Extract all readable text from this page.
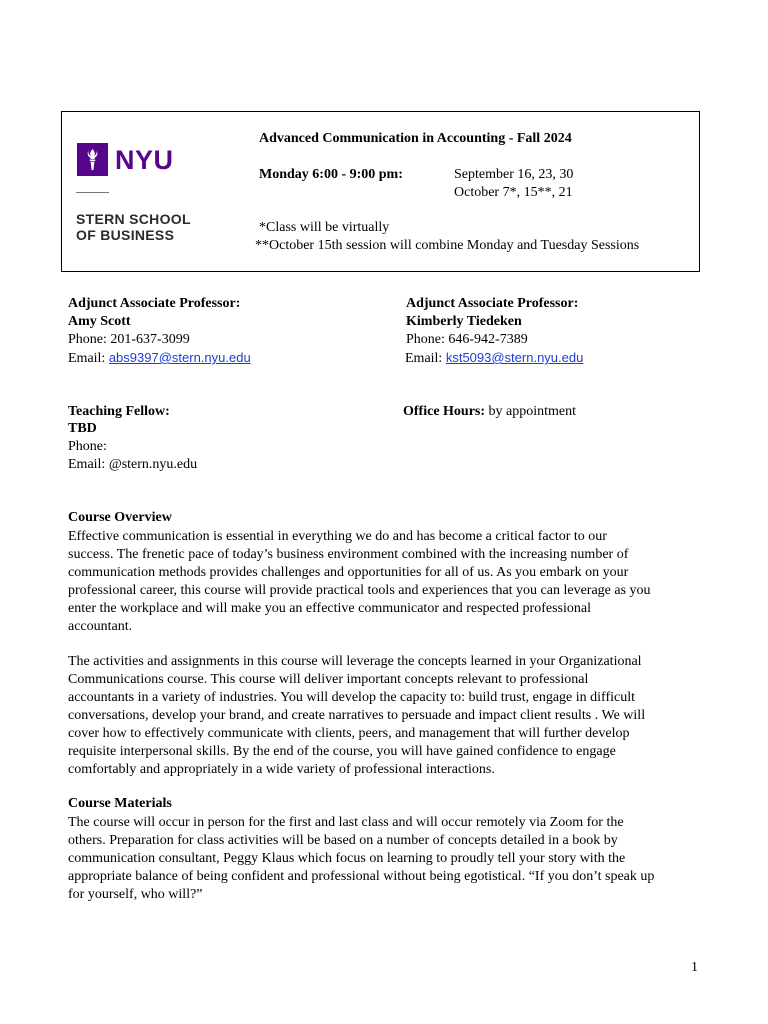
NYU
STERN SCHOOL
OF BUSINESS
Advanced Communication in Accounting - Fall 2024
Monday 6:00 - 9:00 pm:	September 16, 23, 30
October 7*, 15**, 21
*Class will be virtually
**October 15th session will combine Monday and Tuesday Sessions
Adjunct Associate Professor:
Amy Scott
Phone: 201-637-3099
Email: abs9397@stern.nyu.edu
Adjunct Associate Professor:
Kimberly Tiedeken
Phone: 646-942-7389
Email: kst5093@stern.nyu.edu
Teaching Fellow:
TBD
Phone:
Email: @stern.nyu.edu
Office Hours: by appointment
Course Overview
Effective communication is essential in everything we do and has become a critical factor to our
success. The frenetic pace of today’s business environment combined with the increasing number of
communication methods provides challenges and opportunities for all of us. As you embark on your
professional career, this course will provide practical tools and experiences that you can leverage as you
enter the workplace and will make you an effective communicator and respected professional
accountant.
The activities and assignments in this course will leverage the concepts learned in your Organizational
Communications course. This course will deliver important concepts relevant to professional
accountants in a variety of industries. You will develop the capacity to: build trust, engage in difficult
conversations, develop your brand, and create narratives to persuade and impact client results . We will
cover how to effectively communicate with clients, peers, and management that will further develop
requisite interpersonal skills. By the end of the course, you will have gained confidence to engage
comfortably and appropriately in a wide variety of professional interactions.
Course Materials
The course will occur in person for the first and last class and will occur remotely via Zoom for the
others. Preparation for class activities will be based on a number of concepts detailed in a book by
communication consultant, Peggy Klaus which focus on learning to proudly tell your story with the
appropriate balance of being confident and professional without being egotistical. “If you don’t speak up
for yourself, who will?”
1
